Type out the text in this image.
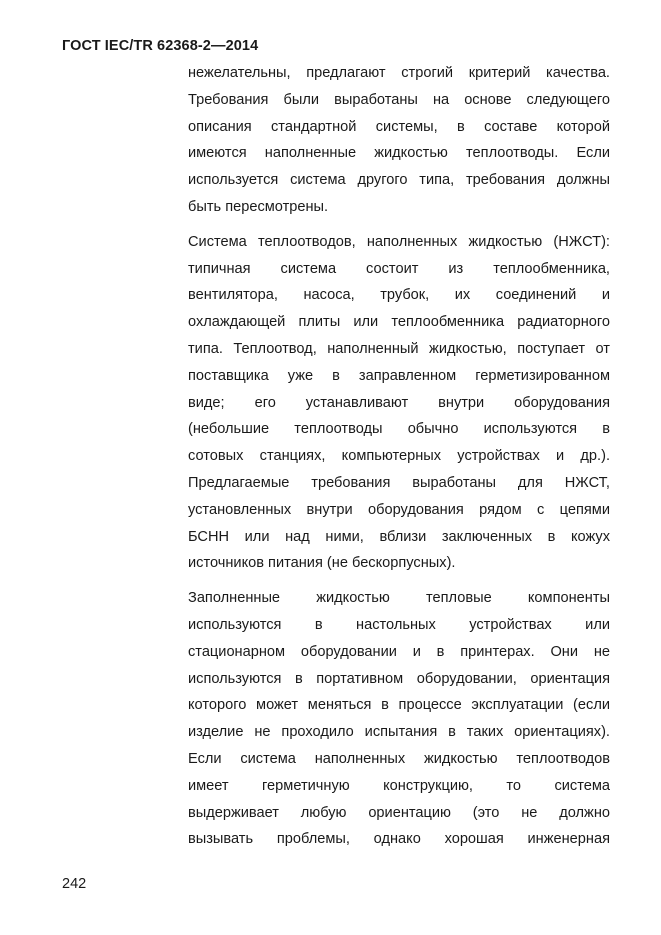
ГОСТ IEC/TR 62368-2—2014
нежелательны, предлагают строгий критерий качества.
Требования были выработаны на основе следующего
описания стандартной системы, в составе которой
имеются наполненные жидкостью теплоотводы. Если
используется система другого типа, требования должны
быть пересмотрены.
Система теплоотводов, наполненных жидкостью (НЖСТ):
типичная система состоит из теплообменника,
вентилятора, насоса, трубок, их соединений и
охлаждающей плиты или теплообменника радиаторного
типа. Теплоотвод, наполненный жидкостью, поступает от
поставщика уже в заправленном герметизированном
виде; его устанавливают внутри оборудования
(небольшие теплоотводы обычно используются в
сотовых станциях, компьютерных устройствах и др.).
Предлагаемые требования выработаны для НЖСТ,
установленных внутри оборудования рядом с цепями
БСНН или над ними, вблизи заключенных в кожух
источников питания (не бескорпусных).
Заполненные жидкостью тепловые компоненты
используются в настольных устройствах или
стационарном оборудовании и в принтерах. Они не
используются в портативном оборудовании, ориентация
которого может меняться в процессе эксплуатации (если
изделие не проходило испытания в таких ориентациях).
Если система наполненных жидкостью теплоотводов
имеет герметичную конструкцию, то система
выдерживает любую ориентацию (это не должно
вызывать проблемы, однако хорошая инженерная
242
